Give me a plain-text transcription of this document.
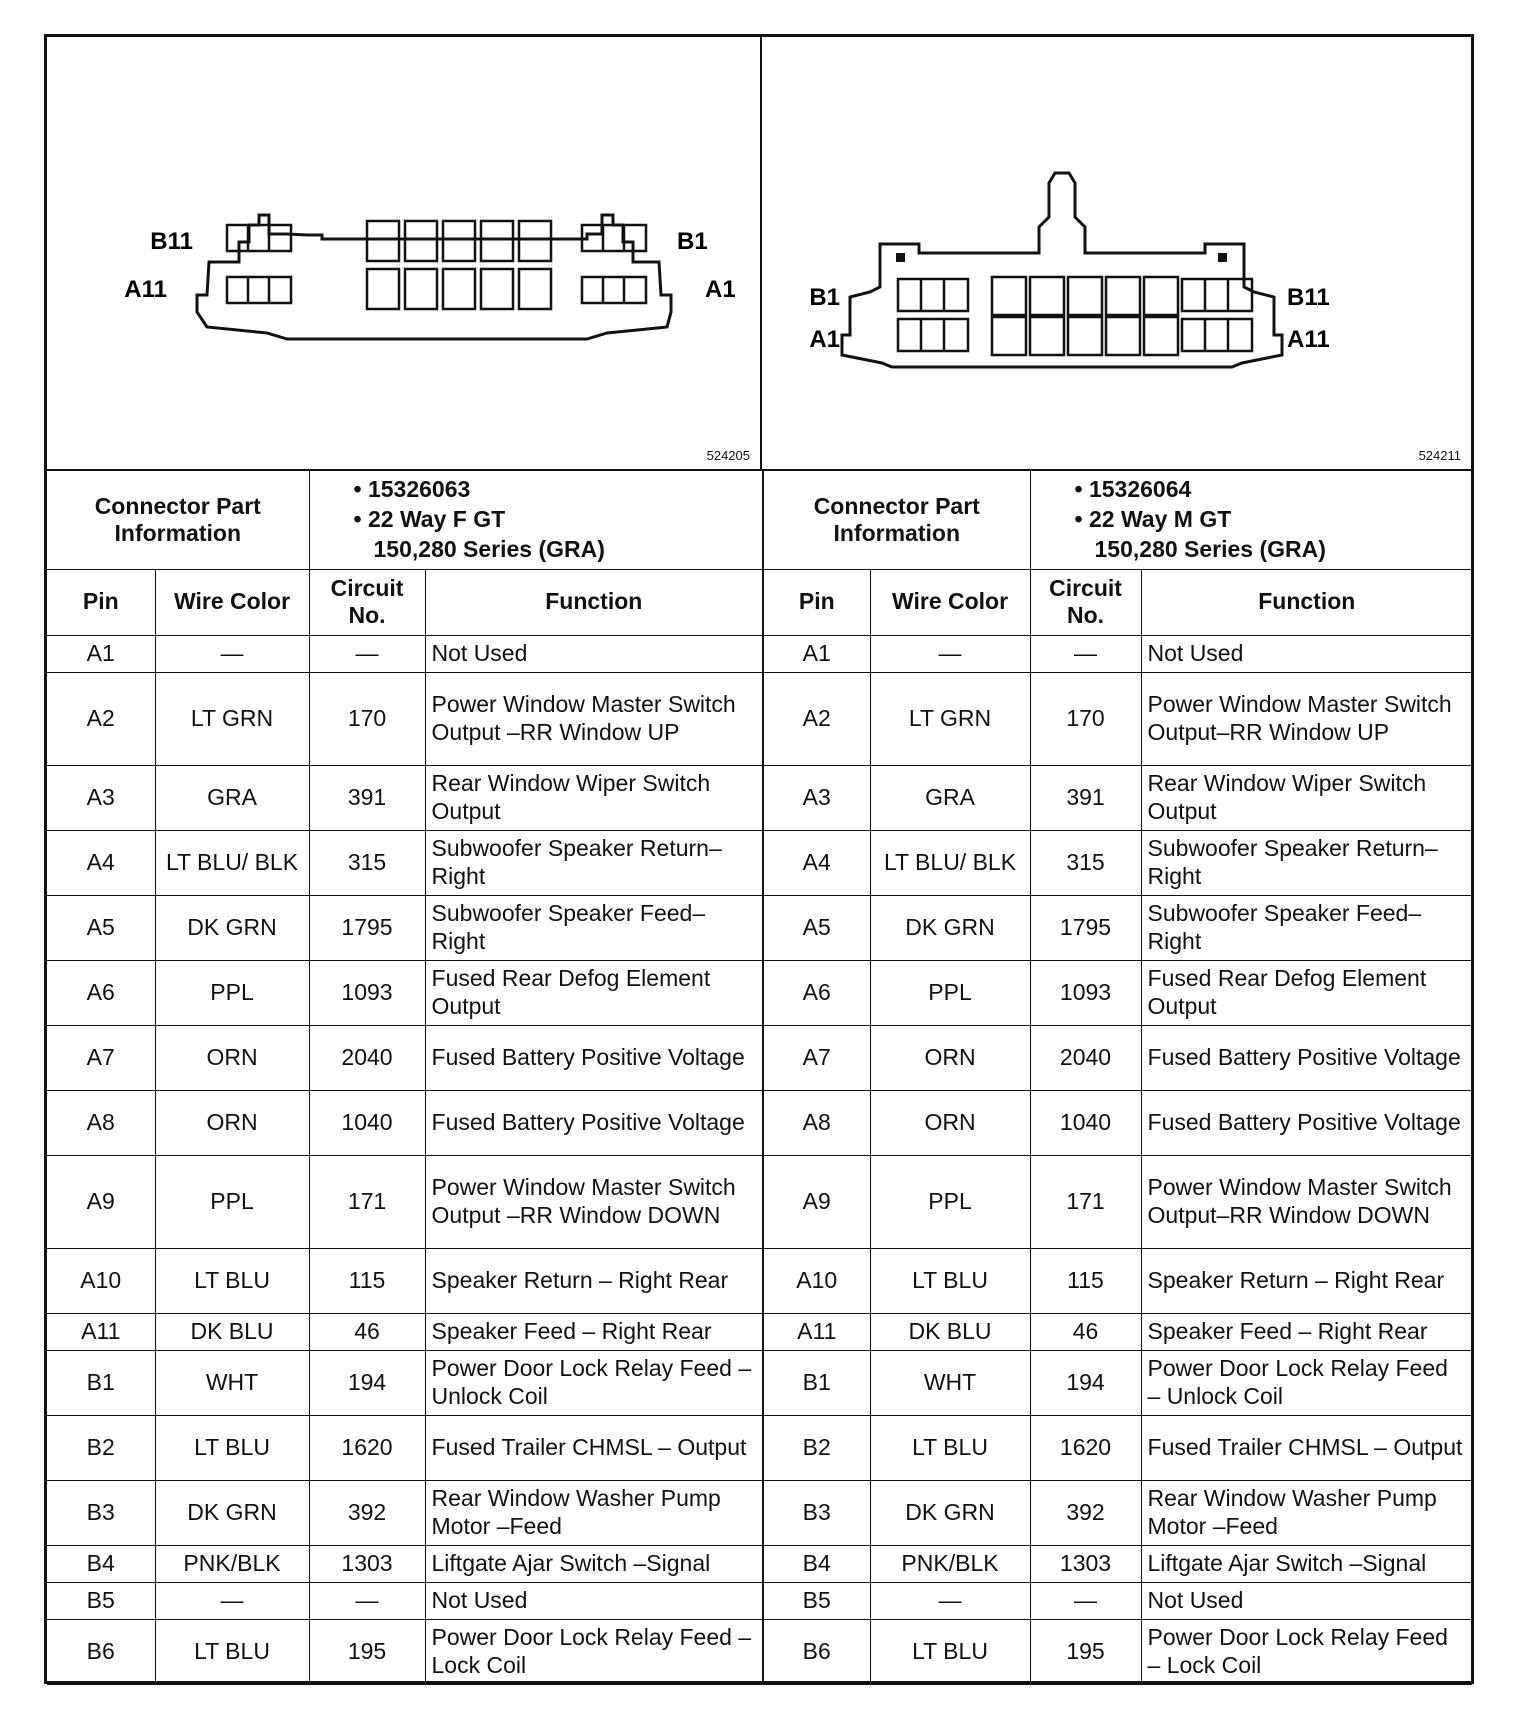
B11
A11
B1
A1
524205
B1
A1
B11
A11
524211
Connector Part Information		• 15326063
• 22 Way F GT
150,280 Series (GRA)	

Pin	Wire Color	Circuit No.	Function
A1	—	—	Not Used
A2	LT GRN	170	Power Window Master Switch Output –RR Window UP
A3	GRA	391	Rear Window Wiper Switch Output
A4	LT BLU/ BLK	315	Subwoofer Speaker Return–Right
A5	DK GRN	1795	Subwoofer Speaker Feed–Right
A6	PPL	1093	Fused Rear Defog Element Output
A7	ORN	2040	Fused Battery Positive Voltage
A8	ORN	1040	Fused Battery Positive Voltage
A9	PPL	171	Power Window Master Switch Output –RR Window DOWN
A10	LT BLU	115	Speaker Return – Right Rear
A11	DK BLU	46	Speaker Feed – Right Rear
B1	WHT	194	Power Door Lock Relay Feed – Unlock Coil
B2	LT BLU	1620	Fused Trailer CHMSL – Output
B3	DK GRN	392	Rear Window Washer Pump Motor –Feed
B4	PNK/BLK	1303	Liftgate Ajar Switch –Signal
B5	—	—	Not Used
B6	LT BLU	195	Power Door Lock Relay Feed – Lock Coil
Connector Part Information		• 15326064
• 22 Way M GT
150,280 Series (GRA)	

Pin	Wire Color	Circuit No.	Function
A1	—	—	Not Used
A2	LT GRN	170	Power Window Master Switch Output–RR Window UP
A3	GRA	391	Rear Window Wiper Switch Output
A4	LT BLU/ BLK	315	Subwoofer Speaker Return–Right
A5	DK GRN	1795	Subwoofer Speaker Feed–Right
A6	PPL	1093	Fused Rear Defog Element Output
A7	ORN	2040	Fused Battery Positive Voltage
A8	ORN	1040	Fused Battery Positive Voltage
A9	PPL	171	Power Window Master Switch Output–RR Window DOWN
A10	LT BLU	115	Speaker Return – Right Rear
A11	DK BLU	46	Speaker Feed – Right Rear
B1	WHT	194	Power Door Lock Relay Feed – Unlock Coil
B2	LT BLU	1620	Fused Trailer CHMSL – Output
B3	DK GRN	392	Rear Window Washer Pump Motor –Feed
B4	PNK/BLK	1303	Liftgate Ajar Switch –Signal
B5	—	—	Not Used
B6	LT BLU	195	Power Door Lock Relay Feed – Lock Coil
